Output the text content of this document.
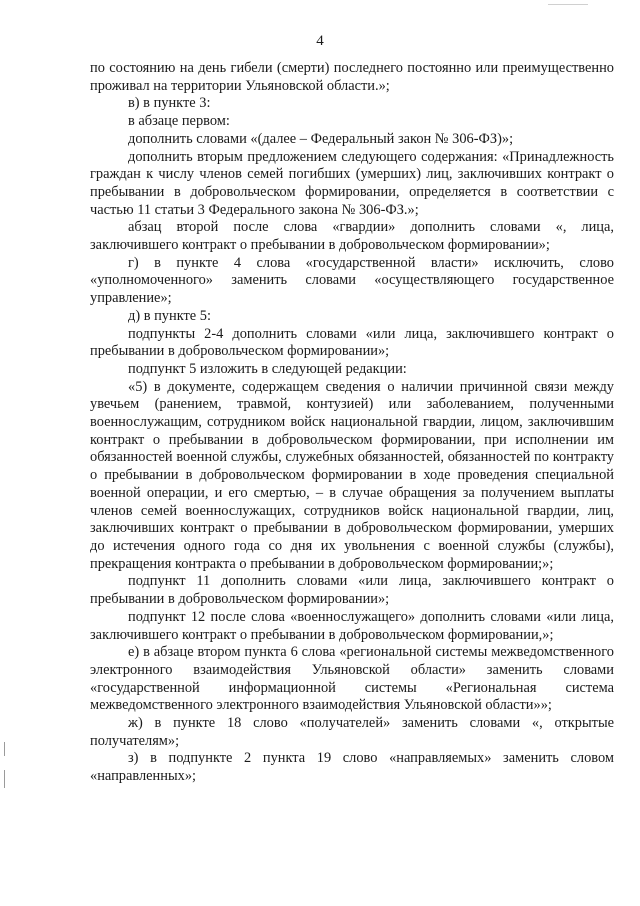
4

по состоянию на день гибели (смерти) последнего постоянно или преимущественно проживал на территории Ульяновской области.»;

в) в пункте 3:

в абзаце первом:

дополнить словами «(далее – Федеральный закон № 306-ФЗ)»;

дополнить вторым предложением следующего содержания: «Принадлежность граждан к числу членов семей погибших (умерших) лиц, заключивших контракт о пребывании в добровольческом формировании, определяется в соответствии с частью 11 статьи 3 Федерального закона № 306-ФЗ.»;

абзац второй после слова «гвардии» дополнить словами «, лица, заключившего контракт о пребывании в добровольческом формировании»;

г) в пункте 4 слова «государственной власти» исключить, слово «уполномоченного» заменить словами «осуществляющего государственное управление»;

д) в пункте 5:

подпункты 2-4 дополнить словами «или лица, заключившего контракт о пребывании в добровольческом формировании»;

подпункт 5 изложить в следующей редакции:

«5) в документе, содержащем сведения о наличии причинной связи между увечьем (ранением, травмой, контузией) или заболеванием, полученными военнослужащим, сотрудником войск национальной гвардии, лицом, заключившим контракт о пребывании в добровольческом формировании, при исполнении им обязанностей военной службы, служебных обязанностей, обязанностей по контракту о пребывании в добровольческом формировании в ходе проведения специальной военной операции, и его смертью, – в случае обращения за получением выплаты членов семей военнослужащих, сотрудников войск национальной гвардии, лиц, заключивших контракт о пребывании в добровольческом формировании, умерших до истечения одного года со дня их увольнения с военной службы (службы), прекращения контракта о пребывании в добровольческом формировании;»;

подпункт 11 дополнить словами «или лица, заключившего контракт о пребывании в добровольческом формировании»;

подпункт 12 после слова «военнослужащего» дополнить словами «или лица, заключившего контракт о пребывании в добровольческом формировании,»;

е) в абзаце втором пункта 6 слова «региональной системы межведомственного электронного взаимодействия Ульяновской области» заменить словами «государственной информационной системы «Региональная система межведомственного электронного взаимодействия Ульяновской области»»;

ж) в пункте 18 слово «получателей» заменить словами «, открытые получателям»;

з) в подпункте 2 пункта 19 слово «направляемых» заменить словом «направленных»;
